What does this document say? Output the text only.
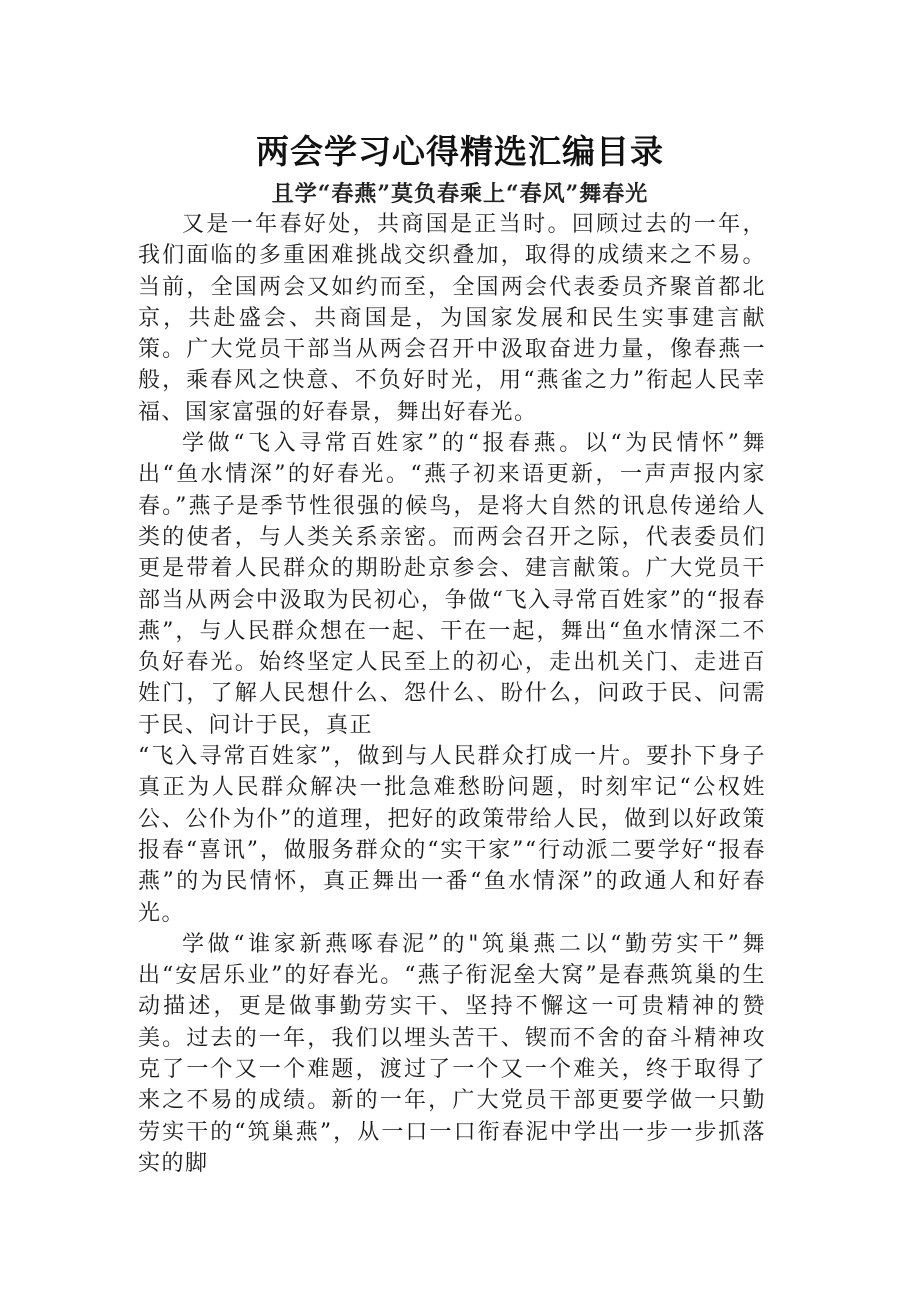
两会学习心得精选汇编目录
且学“春燕”莫负春乘上“春风”舞春光

又是一年春好处，共商国是正当时。回顾过去的一年，我们面临的多重困难挑战交织叠加，取得的成绩来之不易。当前，全国两会又如约而至，全国两会代表委员齐聚首都北京，共赴盛会、共商国是，为国家发展和民生实事建言献策。广大党员干部当从两会召开中汲取奋进力量，像春燕一般，乘春风之快意、不负好时光，用“燕雀之力”衔起人民幸福、国家富强的好春景，舞出好春光。

学做“飞入寻常百姓家”的“报春燕。以“为民情怀”舞出“鱼水情深”的好春光。“燕子初来语更新，一声声报内家春。”燕子是季节性很强的候鸟，是将大自然的讯息传递给人类的使者，与人类关系亲密。而两会召开之际，代表委员们更是带着人民群众的期盼赴京参会、建言献策。广大党员干部当从两会中汲取为民初心，争做“飞入寻常百姓家”的“报春燕”，与人民群众想在一起、干在一起，舞出“鱼水情深二不负好春光。始终坚定人民至上的初心，走出机关门、走进百姓门，了解人民想什么、怨什么、盼什么，问政于民、问需于民、问计于民，真正

“飞入寻常百姓家”，做到与人民群众打成一片。要扑下身子真正为人民群众解决一批急难愁盼问题，时刻牢记“公权姓公、公仆为仆”的道理，把好的政策带给人民，做到以好政策报春“喜讯”，做服务群众的“实干家”“行动派二要学好“报春燕”的为民情怀，真正舞出一番“鱼水情深”的政通人和好春光。

学做“谁家新燕啄春泥”的"筑巢燕二以“勤劳实干”舞出“安居乐业”的好春光。“燕子衔泥垒大窝”是春燕筑巢的生动描述，更是做事勤劳实干、坚持不懈这一可贵精神的赞美。过去的一年，我们以埋头苦干、锲而不舍的奋斗精神攻克了一个又一个难题，渡过了一个又一个难关，终于取得了来之不易的成绩。新的一年，广大党员干部更要学做一只勤劳实干的“筑巢燕”，从一口一口衔春泥中学出一步一步抓落实的脚
